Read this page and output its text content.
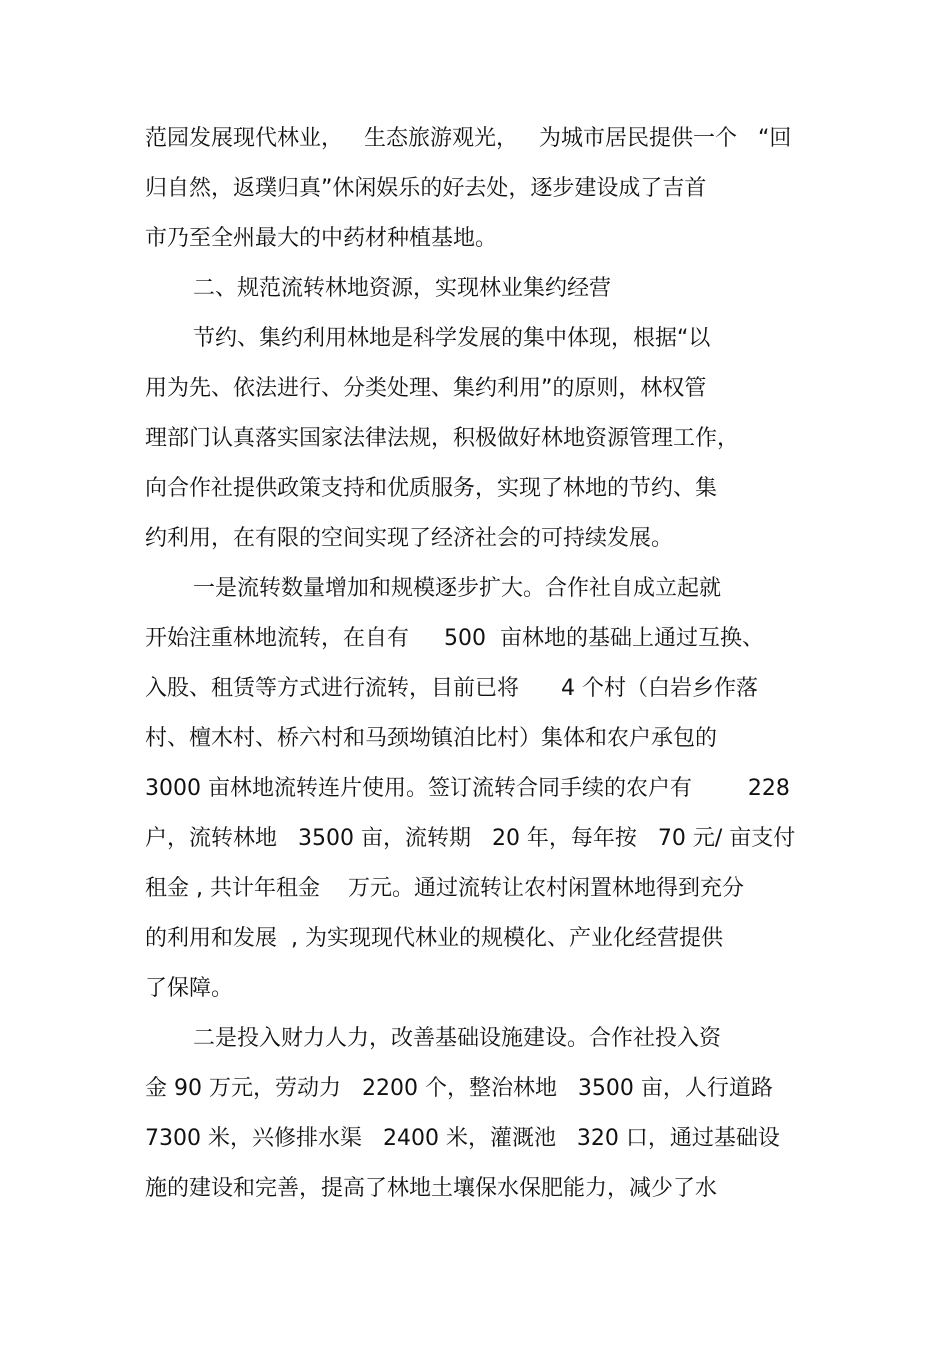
范园发展现代林业，   生态旅游观光，   为城市居民提供一个   “回
归自然，返璞归真”休闲娱乐的好去处，逐步建设成了吉首
市乃至全州最大的中药材种植基地。
二、规范流转林地资源，实现林业集约经营
节约、集约利用林地是科学发展的集中体现，根据“以
用为先、依法进行、分类处理、集约利用”的原则，林权管
理部门认真落实国家法律法规，积极做好林地资源管理工作，
向合作社提供政策支持和优质服务，实现了林地的节约、集
约利用，在有限的空间实现了经济社会的可持续发展。
一是流转数量增加和规模逐步扩大。合作社自成立起就
开始注重林地流转，在自有     500  亩林地的基础上通过互换、
入股、租赁等方式进行流转，目前已将      4 个村（白岩乡作落
村、檀木村、桥六村和马颈坳镇泊比村）集体和农户承包的
3000 亩林地流转连片使用。签订流转合同手续的农户有        228
户，流转林地   3500 亩，流转期   20 年，每年按   70 元/ 亩支付
租金 , 共计年租金    万元。通过流转让农村闲置林地得到充分
的利用和发展  , 为实现现代林业的规模化、产业化经营提供
了保障。
二是投入财力人力，改善基础设施建设。合作社投入资
金 90 万元，劳动力   2200 个，整治林地   3500 亩，人行道路
7300 米，兴修排水渠   2400 米，灌溉池   320 口，通过基础设
施的建设和完善，提高了林地土壤保水保肥能力，减少了水
